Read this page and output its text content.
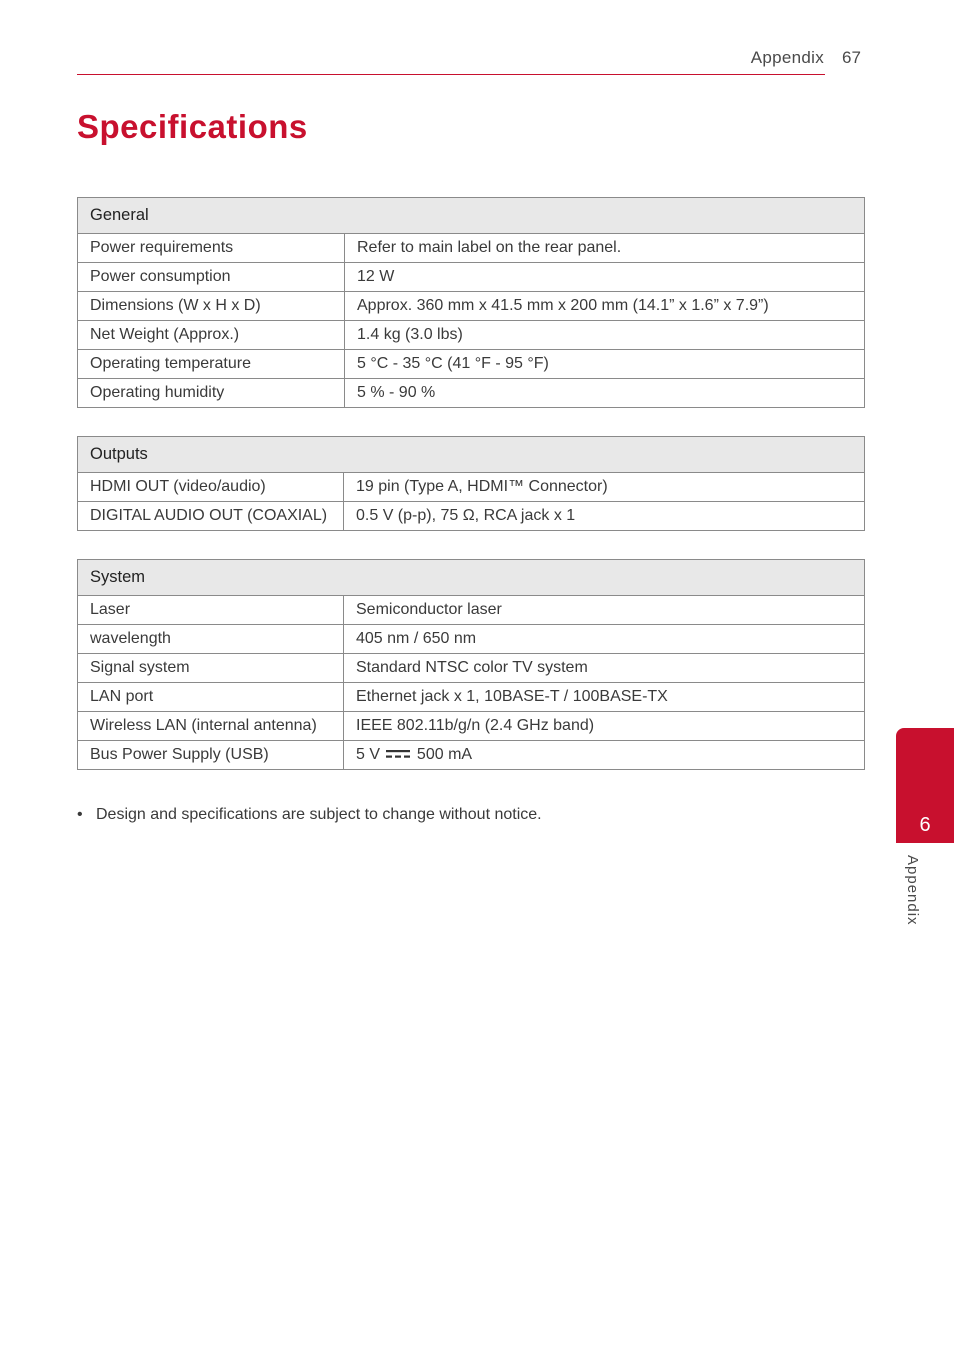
Appendix 67
Specifications
General	
Power requirements	Refer to main label on the rear panel.
Power consumption	12 W
Dimensions (W x H x D)	Approx. 360 mm x 41.5 mm x 200 mm (14.1” x 1.6” x 7.9”)
Net Weight (Approx.)	1.4 kg (3.0 lbs)
Operating temperature	5 °C - 35 °C (41 °F - 95 °F)
Operating humidity	5 % - 90 %
Outputs	
HDMI OUT (video/audio)	19 pin (Type A, HDMI™ Connector)
DIGITAL AUDIO OUT (COAXIAL)	0.5 V (p-p), 75 Ω, RCA jack x 1
System	
Laser	Semiconductor laser
wavelength	405 nm / 650 nm
Signal system	Standard NTSC color TV system
LAN port	Ethernet jack x 1, 10BASE-T / 100BASE-TX
Wireless LAN (internal antenna)	IEEE 802.11b/g/n (2.4 GHz band)
Bus Power Supply (USB)	5 V 500 mA

• Design and specifications are subject to change without notice.	6
Appendix
